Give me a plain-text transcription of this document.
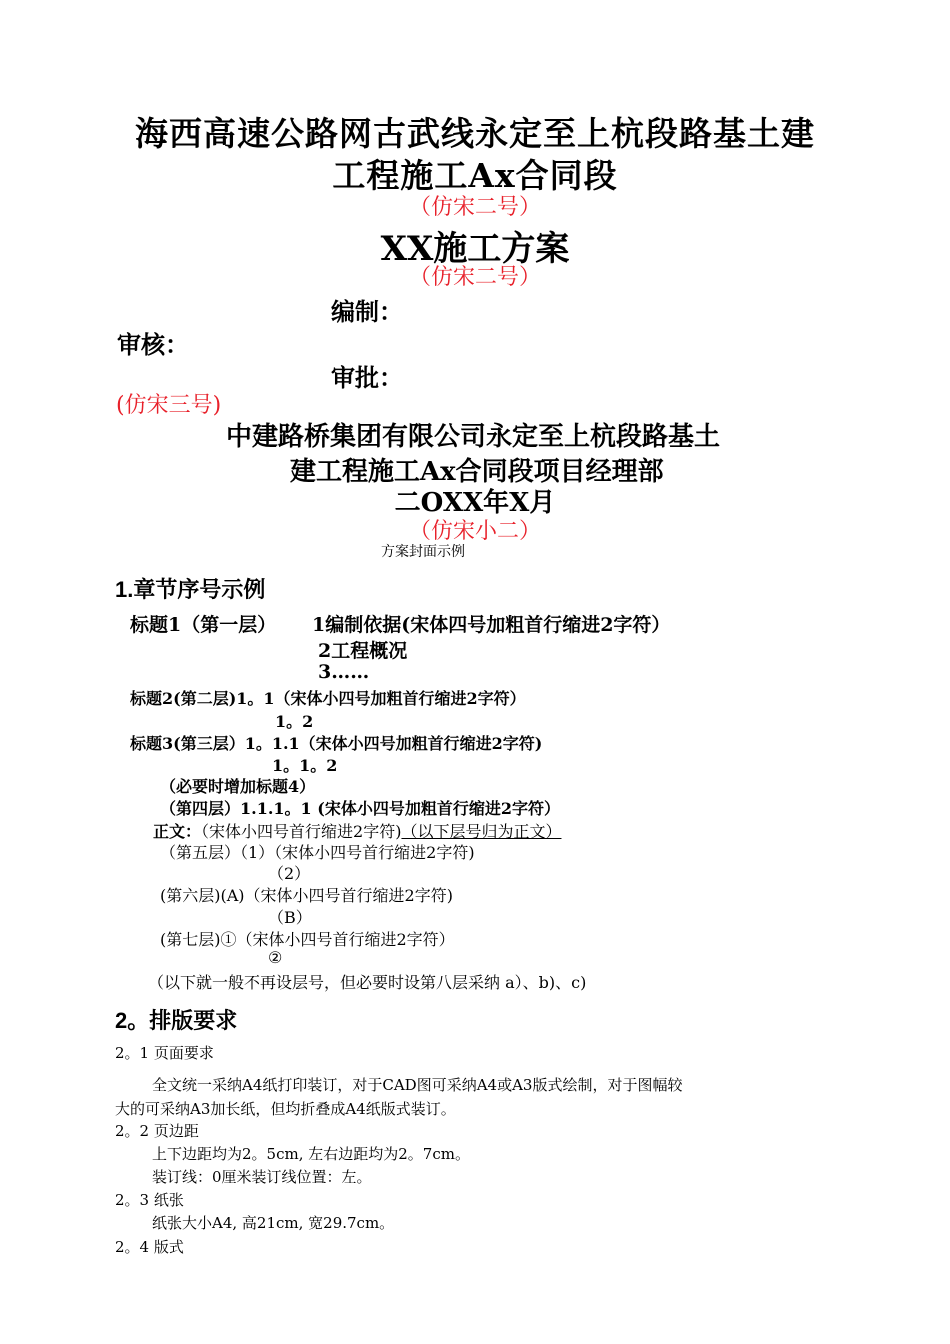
海西高速公路网古武线永定至上杭段路基土建
工程施工Ax合同段
（仿宋二号）
XX施工方案
（仿宋二号）
编制：
审核：
审批：
(仿宋三号)
中建路桥集团有限公司永定至上杭段路基土
建工程施工Ax合同段项目经理部
二OXX年X月
（仿宋小二）
方案封面示例
1.章节序号示例
标题1（第一层） 1编制依据(宋体四号加粗首行缩进2字符）
2工程概况
3……
标题2(第二层)1。1（宋体小四号加粗首行缩进2字符）
1。2
标题3(第三层）1。1.1（宋体小四号加粗首行缩进2字符)
1。1。2
（必要时增加标题4）
（第四层）1.1.1。1 (宋体小四号加粗首行缩进2字符）
正文：（宋体小四号首行缩进2字符)（以下层号归为正文）
（第五层）（1）（宋体小四号首行缩进2字符)
（2）
(第六层)(A)（宋体小四号首行缩进2字符)
（B）
(第七层)①（宋体小四号首行缩进2字符）
②
（以下就一般不再设层号，但必要时设第八层采纳 a）、b)、c)
2。排版要求
2。1 页面要求
全文统一采纳A4纸打印装订，对于CAD图可采纳A4或A3版式绘制，对于图幅较
大的可采纳A3加长纸，但均折叠成A4纸版式装订。
2。2 页边距
上下边距均为2。5cm, 左右边距均为2。7cm。
装订线：0厘米装订线位置：左。
2。3 纸张
纸张大小A4, 高21cm, 宽29.7cm。
2。4 版式
